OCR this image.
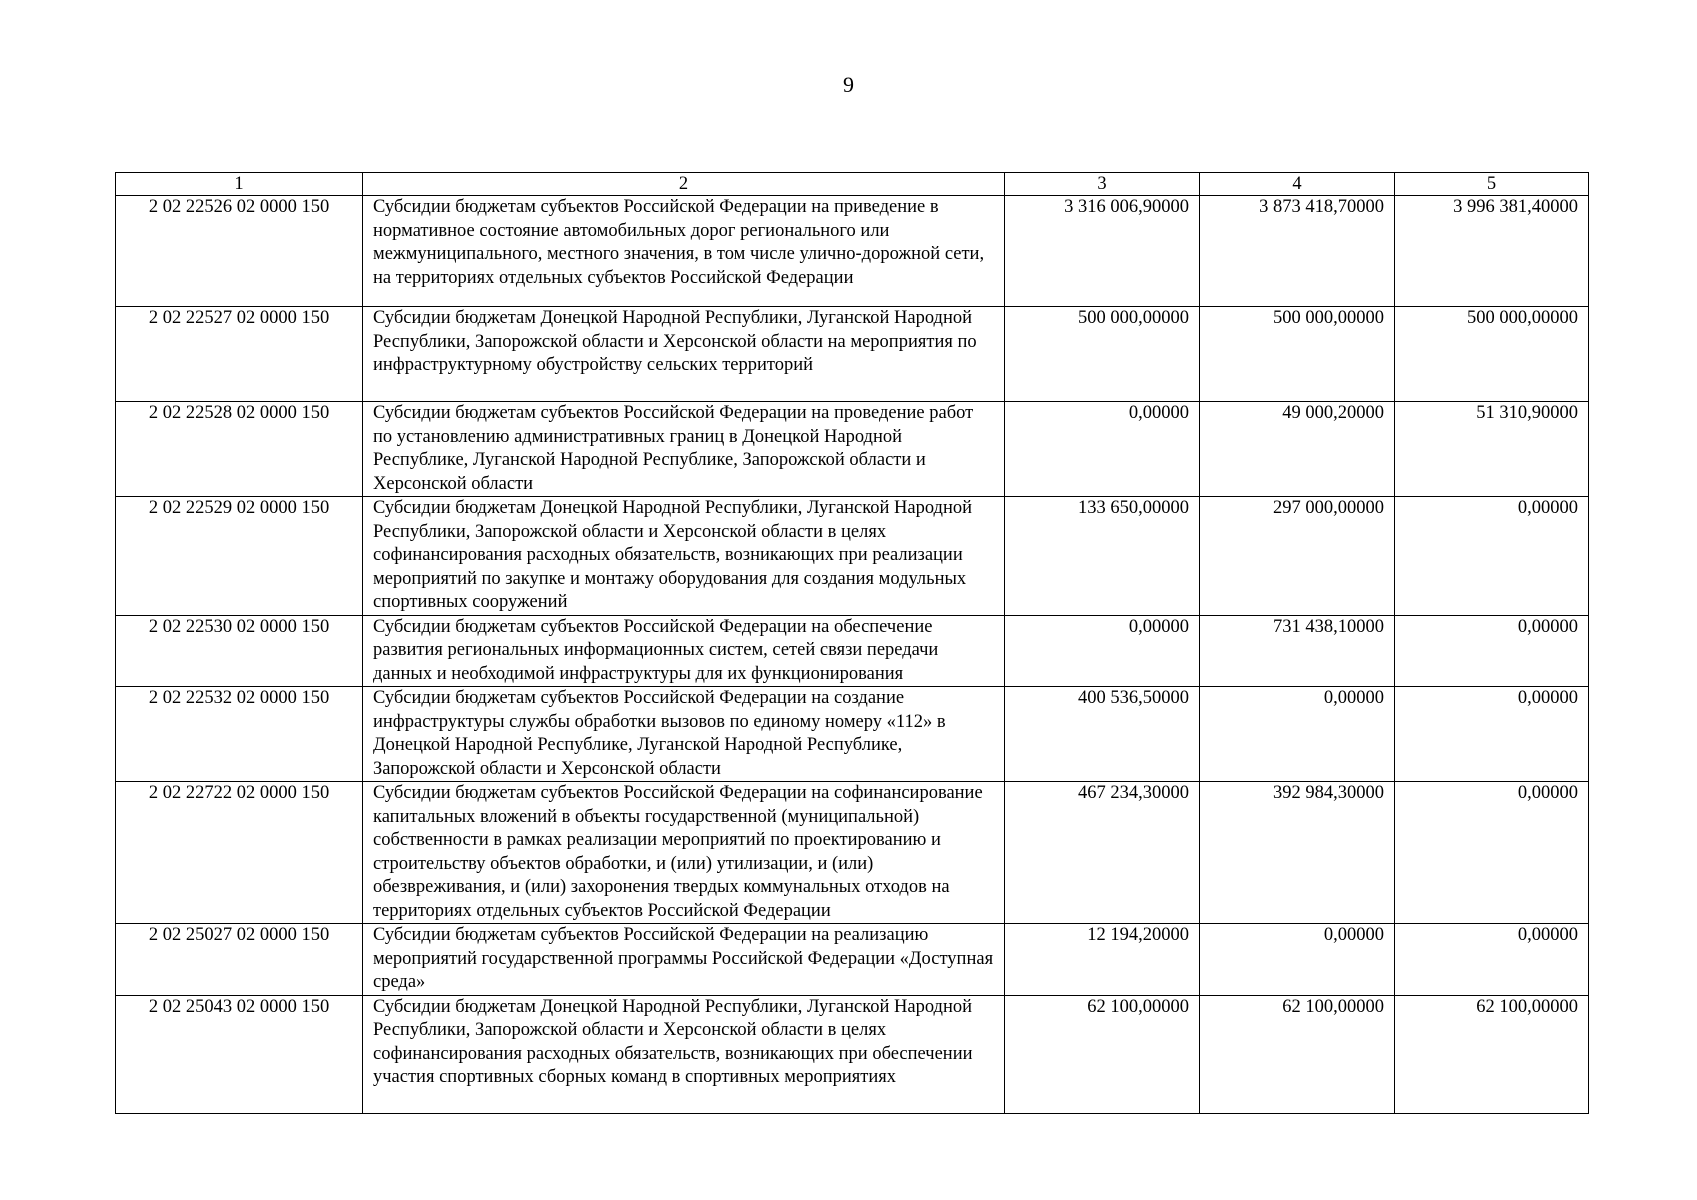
9
1	2	3	4	5
2 02 22526 02 0000 150	Субсидии бюджетам субъектов Российской Федерации на приведение в нормативное состояние автомобильных дорог регионального или межмуниципального, местного значения, в том числе улично-дорожной сети, на территориях отдельных субъектов Российской Федерации	3 316 006,90000	3 873 418,70000	3 996 381,40000
2 02 22527 02 0000 150	Субсидии бюджетам Донецкой Народной Республики, Луганской Народной Республики, Запорожской области и Херсонской области на мероприятия по инфраструктурному обустройству сельских территорий	500 000,00000	500 000,00000	500 000,00000
2 02 22528 02 0000 150	Субсидии бюджетам субъектов Российской Федерации на проведение работ по установлению административных границ в Донецкой Народной Республике, Луганской Народной Республике, Запорожской области и Херсонской области	0,00000	49 000,20000	51 310,90000
2 02 22529 02 0000 150	Субсидии бюджетам Донецкой Народной Республики, Луганской Народной Республики, Запорожской области и Херсонской области в целях софинансирования расходных обязательств, возникающих при реализации мероприятий по закупке и монтажу оборудования для создания модульных спортивных сооружений	133 650,00000	297 000,00000	0,00000
2 02 22530 02 0000 150	Субсидии бюджетам субъектов Российской Федерации на обеспечение развития региональных информационных систем, сетей связи передачи данных и необходимой инфраструктуры для их функционирования	0,00000	731 438,10000	0,00000
2 02 22532 02 0000 150	Субсидии бюджетам субъектов Российской Федерации на создание инфраструктуры службы обработки вызовов по единому номеру «112» в Донецкой Народной Республике, Луганской Народной Республике, Запорожской области и Херсонской области	400 536,50000	0,00000	0,00000
2 02 22722 02 0000 150	Субсидии бюджетам субъектов Российской Федерации на софинансирование капитальных вложений в объекты государственной (муниципальной) собственности в рамках реализации мероприятий по проектированию и строительству объектов обработки, и (или) утилизации, и (или) обезвреживания, и (или) захоронения твердых коммунальных отходов на территориях отдельных субъектов Российской Федерации	467 234,30000	392 984,30000	0,00000
2 02 25027 02 0000 150	Субсидии бюджетам субъектов Российской Федерации на реализацию мероприятий государственной программы Российской Федерации «Доступная среда»	12 194,20000	0,00000	0,00000
2 02 25043 02 0000 150	Субсидии бюджетам Донецкой Народной Республики, Луганской Народной Республики, Запорожской области и Херсонской области в целях софинансирования расходных обязательств, возникающих при обеспечении участия спортивных сборных команд в спортивных мероприятиях	62 100,00000	62 100,00000	62 100,00000
